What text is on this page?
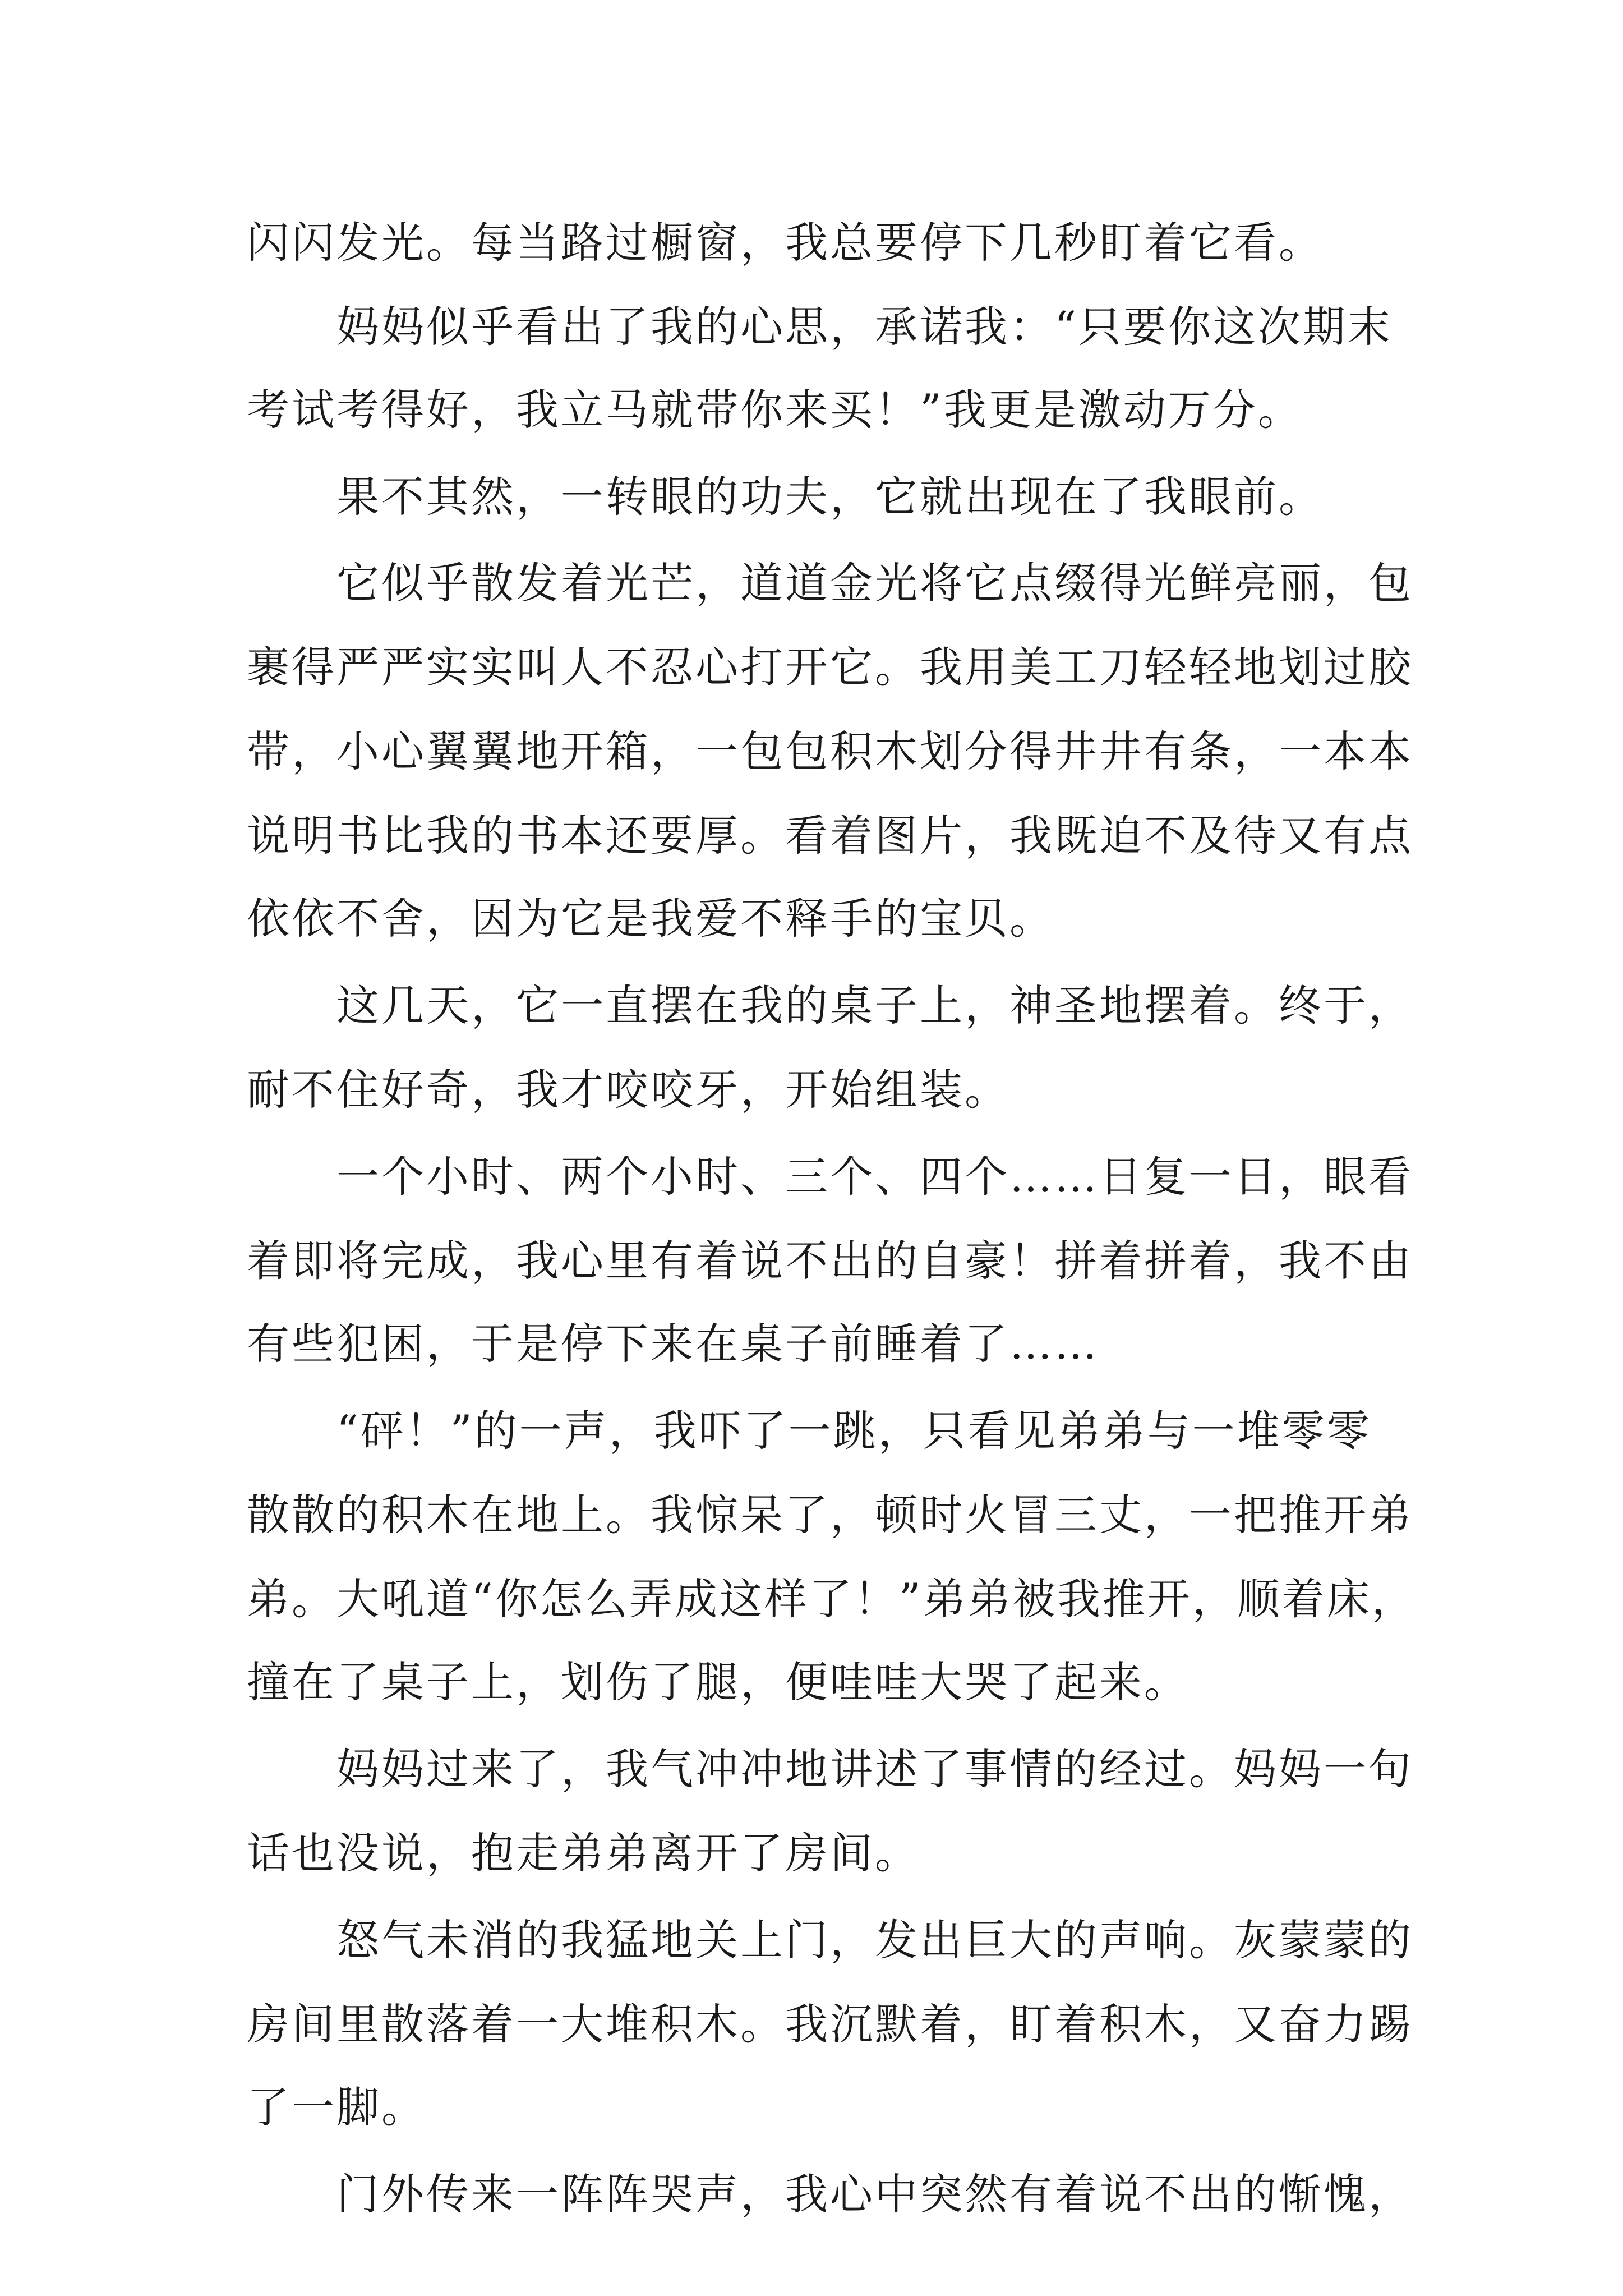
闪闪发光。每当路过橱窗，我总要停下几秒盯着它看。
　　妈妈似乎看出了我的心思，承诺我：“只要你这次期末
考试考得好，我立马就带你来买！”我更是激动万分。
　　果不其然，一转眼的功夫，它就出现在了我眼前。
　　它似乎散发着光芒，道道金光将它点缀得光鲜亮丽，包
裹得严严实实叫人不忍心打开它。我用美工刀轻轻地划过胶
带，小心翼翼地开箱，一包包积木划分得井井有条，一本本
说明书比我的书本还要厚。看着图片，我既迫不及待又有点
依依不舍，因为它是我爱不释手的宝贝。
　　这几天，它一直摆在我的桌子上，神圣地摆着。终于，
耐不住好奇，我才咬咬牙，开始组装。
　　一个小时、两个小时、三个、四个……日复一日，眼看
着即将完成，我心里有着说不出的自豪！拼着拼着，我不由
有些犯困，于是停下来在桌子前睡着了……
　　“砰！”的一声，我吓了一跳，只看见弟弟与一堆零零
散散的积木在地上。我惊呆了，顿时火冒三丈，一把推开弟
弟。大吼道“你怎么弄成这样了！”弟弟被我推开，顺着床，
撞在了桌子上，划伤了腿，便哇哇大哭了起来。
　　妈妈过来了，我气冲冲地讲述了事情的经过。妈妈一句
话也没说，抱走弟弟离开了房间。
　　怒气未消的我猛地关上门，发出巨大的声响。灰蒙蒙的
房间里散落着一大堆积木。我沉默着，盯着积木，又奋力踢
了一脚。
　　门外传来一阵阵哭声，我心中突然有着说不出的惭愧，
